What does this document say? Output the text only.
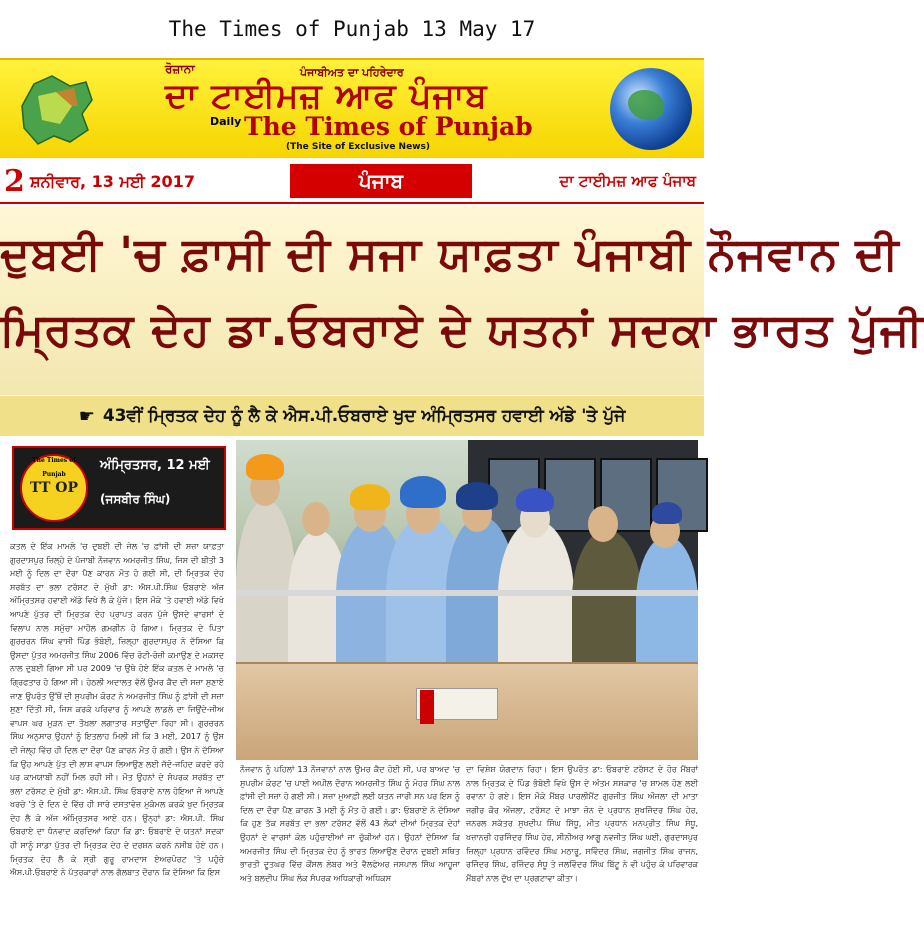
The Times of Punjab 13 May 17
ਰੋਜ਼ਾਨਾ	ਪੰਜਾਬੀਅਤ ਦਾ ਪਹਿਰੇਦਾਰ
ਦਾ ਟਾਈਮਜ਼ ਆਫ ਪੰਜਾਬ
Daily The Times of Punjab
(The Site of Exclusive News)
2 ਸ਼ਨੀਵਾਰ, 13 ਮਈ 2017	ਪੰਜਾਬ	ਦਾ ਟਾਈਮਜ਼ ਆਫ ਪੰਜਾਬ
ਦੁਬਈ 'ਚ ਫ਼ਾਸੀ ਦੀ ਸਜਾ ਯਾਫ਼ਤਾ ਪੰਜਾਬੀ ਨੌਜਵਾਨ ਦੀ
ਮ੍ਰਿਤਕ ਦੇਹ ਡਾ.ਓਬਰਾਏ ਦੇ ਯਤਨਾਂ ਸਦਕਾ ਭਾਰਤ ਪੁੱਜੀ
☛ 43ਵੀਂ ਮ੍ਰਿਤਕ ਦੇਹ ਨੂੰ ਲੈ ਕੇ ਐਸ.ਪੀ.ਓਬਰਾਏ ਖੁਦ ਅੰਮ੍ਰਿਤਸਰ ਹਵਾਈ ਅੱਡੇ 'ਤੇ ਪੁੱਜੇ
The Times of Punjab
TT OP
ਅੰਮ੍ਰਿਤਸਰ, 12 ਮਈ
(ਜਸਬੀਰ ਸਿੰਘ)
ਕਤਲ ਦੇ ਇੱਕ ਮਾਮਲੇ 'ਚ ਦੁਬਈ ਦੀ ਜੇਲ 'ਚ ਫ਼ਾਂਸੀ ਦੀ ਸਜ਼ਾ ਯਾਫ਼ਤਾ ਗੁਰਦਾਸਪੁਰ ਜ਼ਿਲ੍ਹੇ ਦੇ ਪੰਜਾਬੀ ਨੌਜਵਾਨ ਅਮਰਜੀਤ ਸਿੰਘ, ਜਿਸ ਦੀ ਬੀਤੀ 3 ਮਈ ਨੂੰ ਦਿਲ ਦਾ ਦੌਰਾ ਪੈਣ ਕਾਰਨ ਮੌਤ ਹੋ ਗਈ ਸੀ, ਦੀ ਮ੍ਰਿਤਕ ਦੇਹ ਸਰਬੱਤ ਦਾ ਭਲਾ ਟਰੱਸਟ ਦੇ ਮੁੱਖੀ ਡਾ: ਐਸ.ਪੀ.ਸਿੰਘ ਓਬਰਾਏ ਅੱਜ ਅੰਮ੍ਰਿਤਸਰ ਹਵਾਈ ਅੱਡੇ ਵਿਖੇ ਲੈ ਕੇ ਪੁੱਜੇ। ਇਸ ਮੌਕੇ 'ਤੇ ਹਵਾਈ ਅੱਡੇ ਵਿਖੇ ਆਪਣੇ ਪੁੱਤਰ ਦੀ ਮ੍ਰਿਤਕ ਦੇਹ ਪ੍ਰਾਪਤ ਕਰਨ ਪੁੱਜੇ ਉਸਦੇ ਵਾਰਸਾਂ ਦੇ ਵਿਲਾਪ ਨਾਲ ਸਮੁੱਚਾ ਮਾਹੌਲ ਗਮਗੀਨ ਹੋ ਗਿਆ। ਮ੍ਰਿਤਕ ਦੇ ਪਿਤਾ ਗੁਰਚਰਨ ਸਿੰਘ ਵਾਸੀ ਪਿੰਡ ਭੰਬੋਈ, ਜ਼ਿਲ੍ਹਾ ਗੁਰਦਾਸਪੁਰ ਨੇ ਦੱਸਿਆ ਕਿ ਉਸਦਾ ਪੁੱਤਰ ਅਮਰਜੀਤ ਸਿੰਘ 2006 ਵਿੱਚ ਰੋਟੀ-ਰੋਜ਼ੀ ਕਮਾਉਣ ਦੇ ਮਕਸਦ ਨਾਲ ਦੁਬਈ ਗਿਆ ਸੀ ਪਰ 2009 'ਚ ਉਥੇ ਹੋਏ ਇੱਕ ਕਤਲ ਦੇ ਮਾਮਲੇ 'ਚ ਗ੍ਰਿਫਤਾਰ ਹੋ ਗਿਆ ਸੀ। ਹੇਠਲੀ ਅਦਾਲਤ ਵੱਲੋਂ ਉਮਰ ਕੈਦ ਦੀ ਸਜ਼ਾ ਸੁਣਾਏ ਜਾਣ ਉਪਰੰਤ ਉੱਥੋਂ ਦੀ ਸੁਪਰੀਮ ਕੋਰਟ ਨੇ ਅਮਰਜੀਤ ਸਿੰਘ ਨੂੰ ਫ਼ਾਂਸੀ ਦੀ ਸਜ਼ਾ ਸੁਣਾ ਦਿੱਤੀ ਸੀ, ਜਿਸ ਕਰਕੇ ਪਰਿਵਾਰ ਨੂੰ ਆਪਣੇ ਲਾਡਲੇ ਦਾ ਜਿਉਂਦੇ-ਜੀਅ ਵਾਪਸ ਘਰ ਮੁੜਨ ਦਾ ਤੌਖ਼ਲਾ ਲਗਾਤਾਰ ਸਤਾਉਂਦਾ ਰਿਹਾ ਸੀ। ਗੁਰਚਰਨ ਸਿੰਘ ਅਨੁਸਾਰ ਉਹਨਾਂ ਨੂੰ ਇਤਲਾਹ ਮਿਲੀ ਸੀ ਕਿ 3 ਮਈ, 2017 ਨੂੰ ਉਸ ਦੀ ਜੇਲ੍ਹ ਵਿੱਚ ਹੀ ਦਿਲ ਦਾ ਦੌਰਾ ਪੈਣ ਕਾਰਨ ਮੌਤ ਹੋ ਗਈ। ਉਸ ਨੇ ਦੱਸਿਆ ਕਿ ਉਹ ਆਪਣੇ ਪੁੱਤ ਦੀ ਲਾਸ਼ ਵਾਪਸ ਲਿਆਉਣ ਲਈ ਜੱਦੋ-ਜਹਿਦ ਕਰਦੇ ਰਹੇ ਪਰ ਕਾਮਯਾਬੀ ਨਹੀਂ ਮਿਲ ਰਹੀ ਸੀ। ਮੌਤ ਉਹਨਾਂ ਦੇ ਸੰਪਰਕ ਸਰਬੱਤ ਦਾ ਭਲਾ ਟਰੱਸਟ ਦੇ ਮੁੱਖੀ ਡਾ: ਐਸ.ਪੀ. ਸਿੰਘ ਓਬਰਾਏ ਨਾਲ ਹੋਇਆ ਜੋ ਆਪਣੇ ਖਰਚੇ 'ਤੇ ਦੋ ਦਿਨ ਦੇ ਵਿੱਚ ਹੀ ਸਾਰੇ ਦਸਤਾਵੇਜ਼ ਮੁਕੰਮਲ ਕਰਕੇ ਖੁਦ ਮ੍ਰਿਤਕ ਦੇਹ ਲੈ ਕੇ ਅੱਜ ਅੰਮ੍ਰਿਤਸਰ ਆਏ ਹਨ। ਉਨ੍ਹਾਂ ਡਾ: ਐਸ.ਪੀ. ਸਿੰਘ ਓਬਰਾਏ ਦਾ ਧੰਨਵਾਦ ਕਰਦਿਆਂ ਕਿਹਾ ਕਿ ਡਾ: ਓਬਰਾਏ ਦੇ ਯਤਨਾਂ ਸਦਕਾ ਹੀ ਸਾਨੂੰ ਸਾਡਾ ਪੁੱਤਰ ਦੀ ਮ੍ਰਿਤਕ ਦੇਹ ਦੇ ਦਰਸ਼ਨ ਕਰਨੇ ਨਸੀਬ ਹੋਏ ਹਨ। ਮ੍ਰਿਤਕ ਦੇਹ ਲੈ ਕੇ ਸ੍ਰੀ ਗੁਰੂ ਰਾਮਦਾਸ ਏਅਰਪੋਰਟ 'ਤੇ ਪਹੁੰਚੇ ਐਸ.ਪੀ.ਓਬਰਾਏ ਨੇ ਪੱਤਰਕਾਰਾਂ ਨਾਲ ਗੱਲਬਾਤ ਦੌਰਾਨ ਕਿ ਦੱਸਿਆ ਕਿ ਇਸ
ਨੌਜਵਾਨ ਨੂੰ ਪਹਿਲਾਂ 13 ਨੌਜਵਾਨਾਂ ਨਾਲ ਉਮਰ ਕੈਦ ਹੋਈ ਸੀ, ਪਰ ਬਾਅਦ 'ਚ ਸੁਪਰੀਮ ਕੋਰਟ 'ਚ ਪਾਈ ਅਪੀਲ ਦੌਰਾਨ ਅਮਰਜੀਤ ਸਿੰਘ ਨੂੰ ਮੋਹਰ ਸਿੰਘ ਨਾਲ ਫ਼ਾਂਸੀ ਦੀ ਸਜ਼ਾ ਹੋ ਗਈ ਸੀ। ਸਜ਼ਾ ਮੁਆਫ਼ੀ ਲਈ ਯਤਨ ਜਾਰੀ ਸਨ ਪਰ ਇਸ ਨੂੰ ਦਿਲ ਦਾ ਦੌਰਾ ਪੈਣ ਕਾਰਨ 3 ਮਈ ਨੂੰ ਮੌਤ ਹੋ ਗਈ। ਡਾ: ਓਬਰਾਏ ਨੇ ਦੱਸਿਆ ਕਿ ਹੁਣ ਤੱਕ ਸਰਬੱਤ ਦਾ ਭਲਾ ਟਰੱਸਟ ਵੱਲੋਂ 43 ਲੋਕਾਂ ਦੀਆਂ ਮ੍ਰਿਤਕ ਦੇਹਾਂ ਉਹਨਾਂ ਦੇ ਵਾਰਸਾਂ ਕੋਲ ਪਹੁੰਚਾਈਆਂ ਜਾ ਚੁੱਕੀਆਂ ਹਨ। ਉਹਨਾਂ ਦੱਸਿਆ ਕਿ ਅਮਰਜੀਤ ਸਿੰਘ ਦੀ ਮ੍ਰਿਤਕ ਦੇਹ ਨੂੰ ਭਾਰਤ ਲਿਆਉਣ ਦੌਰਾਨ ਦੁਬਈ ਸਥਿਤ ਭਾਰਤੀ ਦੂਤਘਰ ਵਿੱਚ ਕੌਂਸਲ ਲੇਬਰ ਅਤੇ ਵੈਲਫੇਅਰ ਜਸਪਾਲ ਸਿੰਘ ਆਹੂਜਾ ਅਤੇ ਬਲਦੀਪ ਸਿੰਘ ਲੋਕ ਸੰਪਰਕ ਅਧਿਕਾਰੀ ਅਧਿਕਸ
ਦਾ ਵਿਸ਼ੇਸ਼ ਯੋਗਦਾਨ ਰਿਹਾ। ਇਸ ਉਪਰੰਤ ਡਾ: ਓਬਰਾਏ ਟਰੱਸਟ ਦੇ ਹੋਰ ਮੈਂਬਰਾਂ ਨਾਲ ਮ੍ਰਿਤਕ ਦੇ ਪਿੰਡ ਭੰਬੋਈ ਵਿਖੇ ਉਸ ਦੇ ਅੰਤਮ ਸਸਕਾਰ 'ਚ ਸ਼ਾਮਲ ਹੋਣ ਲਈ ਰਵਾਨਾ ਹੋ ਗਏ। ਇਸ ਮੌਕੇ ਮੈਂਬਰ ਪਾਰਲੀਮੈਂਟ ਗੁਰਜੀਤ ਸਿੰਘ ਔਜਲਾ ਦੀ ਮਾਤਾ ਜਗੀਰ ਕੌਰ ਔਜਲਾ, ਟਰੱਸਟ ਦੇ ਮਾਝਾ ਜ਼ੋਨ ਦੇ ਪ੍ਰਧਾਨ ਸੁਖਜਿੰਦਰ ਸਿੰਘ ਹੇਰ, ਜਨਰਲ ਸਕੱਤਰ ਸੁਖਦੀਪ ਸਿੰਘ ਸਿੱਧੂ, ਮੀਤ ਪ੍ਰਧਾਨ ਮਨਪ੍ਰੀਤ ਸਿੰਘ ਸੰਧੂ, ਖਜ਼ਾਨਚੀ ਹਰਜਿੰਦਰ ਸਿੰਘ ਹੇਰ, ਸੀਨੀਅਰ ਆਗੂ ਨਵਜੀਤ ਸਿੰਘ ਘਈ, ਗੁਰਦਾਸਪੁਰ ਜ਼ਿਲ੍ਹਾ ਪ੍ਰਧਾਨ ਰਵਿੰਦਰ ਸਿੰਘ ਮਠਾਰੂ, ਸਵਿੰਦਰ ਸਿੰਘ, ਜਗਜੀਤ ਸਿੰਘ ਰਾਜਨ, ਰਜਿੰਦਰ ਸਿੰਘ, ਰਜਿੰਦਰ ਸੰਧੂ ਤੇ ਜਲਵਿੰਦਰ ਸਿੰਘ ਬਿੱਟੂ ਨੇ ਵੀ ਪਹੁੰਚ ਕੇ ਪਰਿਵਾਰਕ ਮੈਂਬਰਾਂ ਨਾਲ ਦੁੱਖ ਦਾ ਪ੍ਰਗਟਾਵਾ ਕੀਤਾ।
